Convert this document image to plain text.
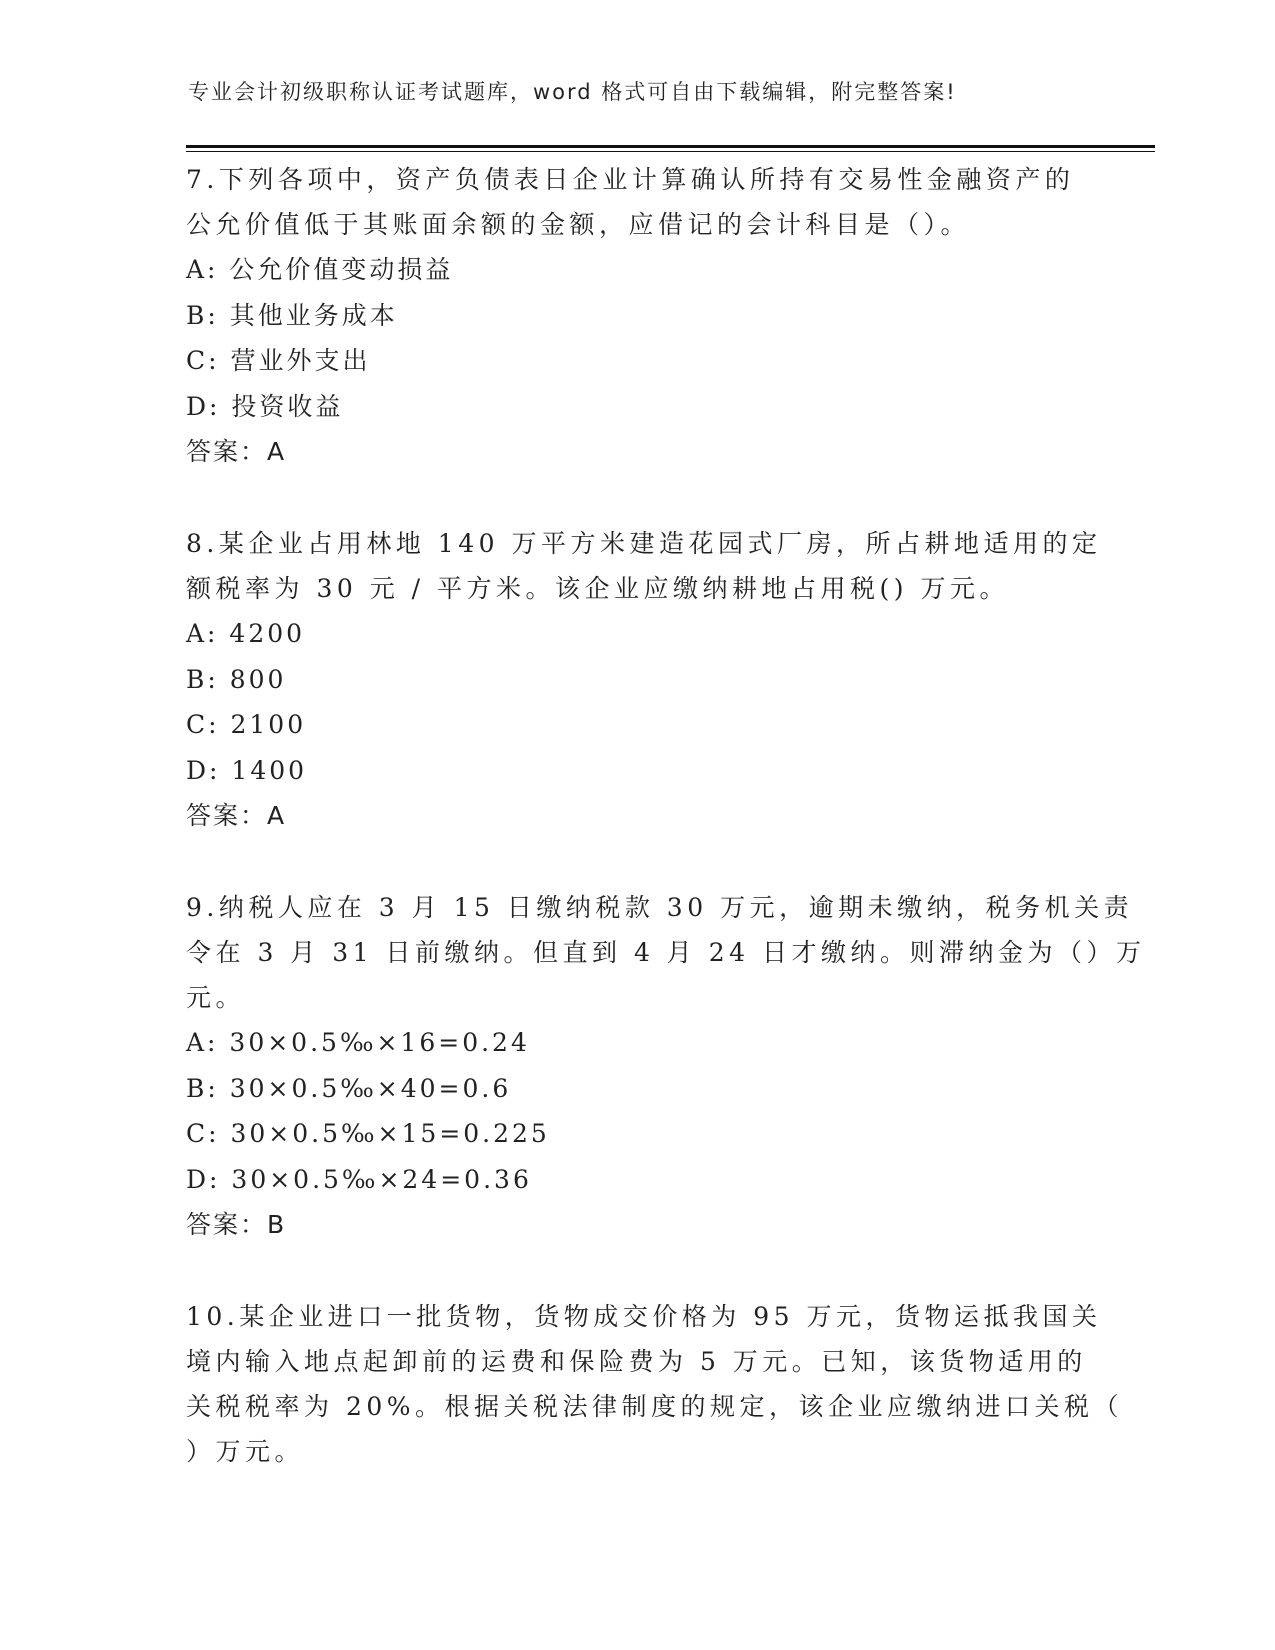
专业会计初级职称认证考试题库，word 格式可自由下载编辑，附完整答案!
7.下列各项中，资产负债表日企业计算确认所持有交易性金融资产的
公允价值低于其账面余额的金额，应借记的会计科目是（）。
A: 公允价值变动损益
B: 其他业务成本
C: 营业外支出
D: 投资收益
答案：A
8.某企业占用林地 140 万平方米建造花园式厂房，所占耕地适用的定
额税率为 30 元 / 平方米。该企业应缴纳耕地占用税() 万元。
A: 4200
B: 800
C: 2100
D: 1400
答案：A
9.纳税人应在 3 月 15 日缴纳税款 30 万元，逾期未缴纳，税务机关责
令在 3 月 31 日前缴纳。但直到 4 月 24 日才缴纳。则滞纳金为（）万
元。
A: 30×0.5‰×16=0.24
B: 30×0.5‰×40=0.6
C: 30×0.5‰×15=0.225
D: 30×0.5‰×24=0.36
答案：B
10.某企业进口一批货物，货物成交价格为 95 万元，货物运抵我国关
境内输入地点起卸前的运费和保险费为 5 万元。已知，该货物适用的
关税税率为 20%。根据关税法律制度的规定，该企业应缴纳进口关税（
）万元。
